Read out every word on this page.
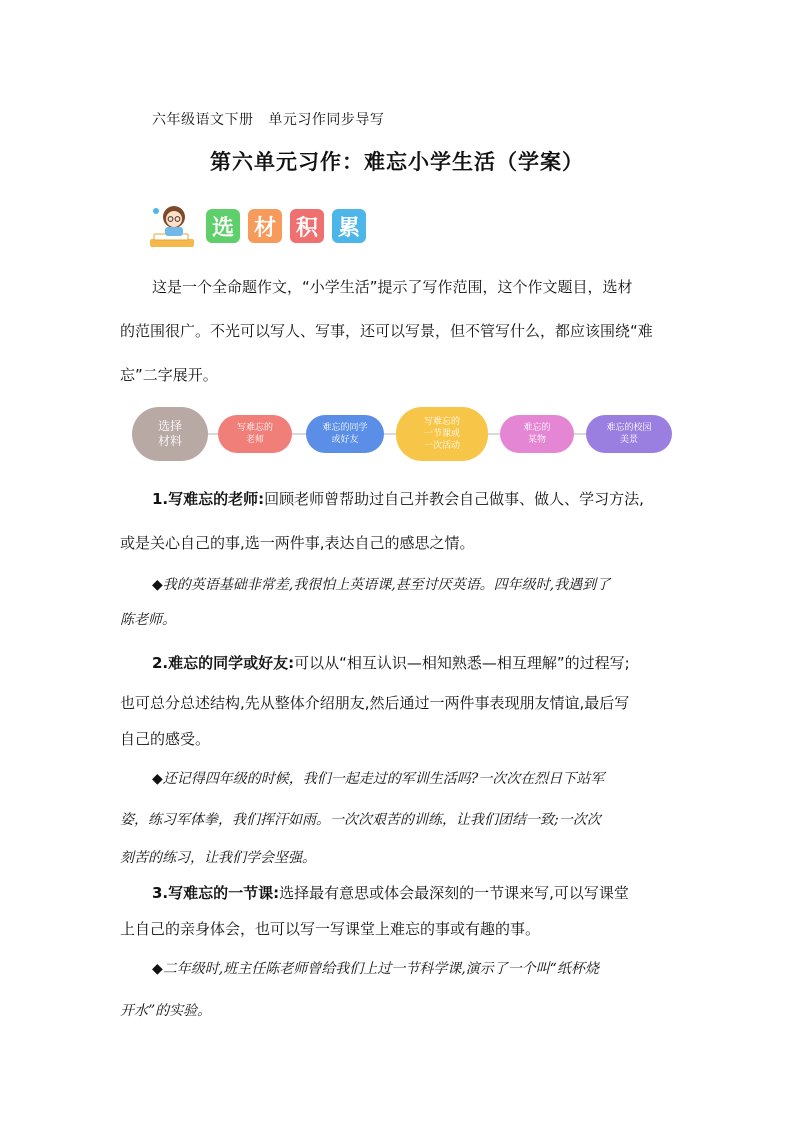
六年级语文下册   单元习作同步导写
第六单元习作：难忘小学生活（学案）
选 材 积 累
这是一个全命题作文，“小学生活”提示了写作范围，这个作文题目，选材
的范围很广。不光可以写人、写事，还可以写景，但不管写什么，都应该围绕“难
忘”二字展开。
选择材料
写难忘的老师
难忘的同学或好友
写难忘的一节课或一次活动
难忘的某物
难忘的校园美景
1.写难忘的老师:回顾老师曾帮助过自己并教会自己做事、做人、学习方法,
或是关心自己的事,选一两件事,表达自己的感思之情。
◆我的英语基础非常差,我很怕上英语课,甚至讨厌英语。四年级时,我遇到了
陈老师。
2.难忘的同学或好友:可以从“相互认识—相知熟悉—相互理解”的过程写;
也可总分总述结构,先从整体介绍朋友,然后通过一两件事表现朋友情谊,最后写
自己的感受。
◆还记得四年级的时候，我们一起走过的军训生活吗?一次次在烈日下站军
姿，练习军体拳，我们挥汗如雨。一次次艰苦的训练，让我们团结一致;一次次
刻苦的练习，让我们学会坚强。
3.写难忘的一节课:选择最有意思或体会最深刻的一节课来写,可以写课堂
上自己的亲身体会，也可以写一写课堂上难忘的事或有趣的事。
◆二年级时,班主任陈老师曾给我们上过一节科学课,演示了一个叫“纸杯烧
开水”的实验。
